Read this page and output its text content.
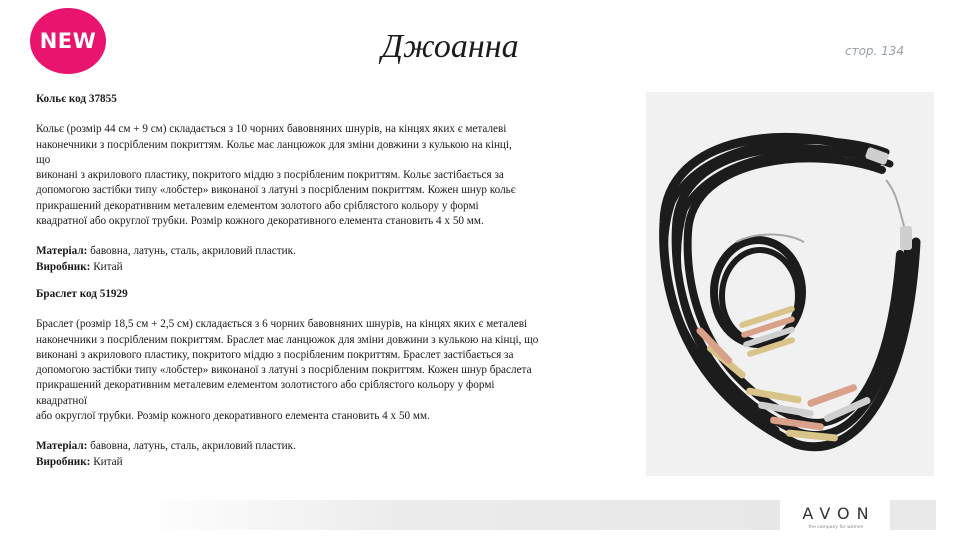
NEW	Джоанна	стор. 134

Кольє код 37855

Кольє (розмір 44 см + 9 см) складається з 10 чорних бавовняних шнурів, на кінцях яких є металеві

наконечники з посрібленим покриттям. Кольє має ланцюжок для зміни довжини з кулькою на кінці,

що

виконані з акрилового пластику, покритого міддю з посрібленим покриттям. Кольє застібається за

допомогою застібки типу «лобстер» виконаної з латуні з посрібленим покриттям. Кожен шнур кольє

прикрашений декоративним металевим елементом золотого або сріблястого кольору у формі

квадратної або округлої трубки. Розмір кожного декоративного елемента становить 4 х 50 мм.

Матеріал: бавовна, латунь, сталь, акриловий пластик.

Виробник: Китай

Браслет код 51929

Браслет (розмір 18,5 см + 2,5 см) складається з 6 чорних бавовняних шнурів, на кінцях яких є металеві

наконечники з посрібленим покриттям. Браслет має ланцюжок для зміни довжини з кулькою на кінці, що

виконані з акрилового пластику, покритого міддю з посрібленим покриттям. Браслет застібається за

допомогою застібки типу «лобстер» виконаної з латуні з посрібленим покриттям. Кожен шнур браслета

прикрашений декоративним металевим елементом золотистого або сріблястого кольору у формі

квадратної

або округлої трубки. Розмір кожного декоративного елемента становить 4 х 50 мм.

Матеріал: бавовна, латунь, сталь, акриловий пластик.

Виробник: Китай

AVON
the company for women
